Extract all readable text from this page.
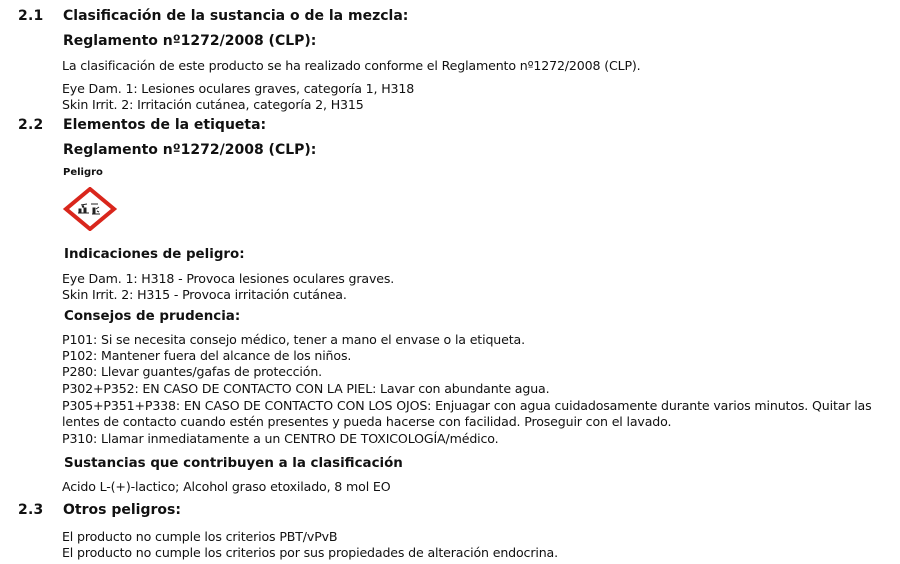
2.1 Clasificación de la sustancia o de la mezcla:
Reglamento nº1272/2008 (CLP):
La clasificación de este producto se ha realizado conforme el Reglamento nº1272/2008 (CLP).
Eye Dam. 1: Lesiones oculares graves, categoría 1, H318
Skin Irrit. 2: Irritación cutánea, categoría 2, H315
2.2 Elementos de la etiqueta:
Reglamento nº1272/2008 (CLP):
Peligro
Indicaciones de peligro:
Eye Dam. 1: H318 - Provoca lesiones oculares graves.
Skin Irrit. 2: H315 - Provoca irritación cutánea.
Consejos de prudencia:
P101: Si se necesita consejo médico, tener a mano el envase o la etiqueta.
P102: Mantener fuera del alcance de los niños.
P280: Llevar guantes/gafas de protección.
P302+P352: EN CASO DE CONTACTO CON LA PIEL: Lavar con abundante agua.
P305+P351+P338: EN CASO DE CONTACTO CON LOS OJOS: Enjuagar con agua cuidadosamente durante varios minutos. Quitar las
lentes de contacto cuando estén presentes y pueda hacerse con facilidad. Proseguir con el lavado.
P310: Llamar inmediatamente a un CENTRO DE TOXICOLOGÍA/médico.
Sustancias que contribuyen a la clasificación
Acido L-(+)-lactico; Alcohol graso etoxilado, 8 mol EO
2.3 Otros peligros:
El producto no cumple los criterios PBT/vPvB
El producto no cumple los criterios por sus propiedades de alteración endocrina.
